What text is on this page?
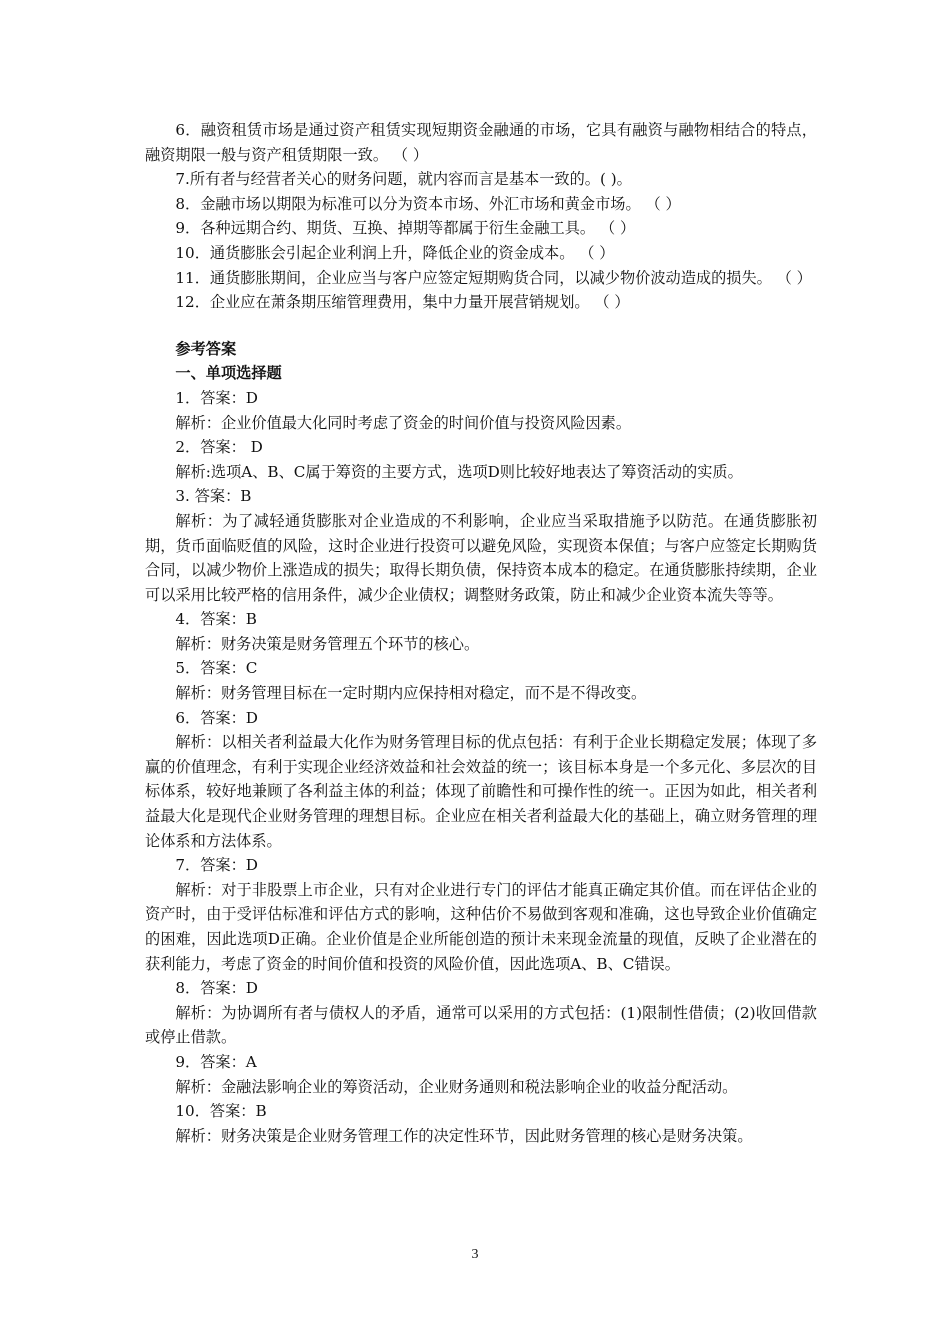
6．融资租赁市场是通过资产租赁实现短期资金融通的市场，它具有融资与融物相结合的特点，融资期限一般与资产租赁期限一致。 （ ）

7.所有者与经营者关心的财务问题，就内容而言是基本一致的。( )。

8．金融市场以期限为标准可以分为资本市场、外汇市场和黄金市场。 （ ）

9．各种远期合约、期货、互换、掉期等都属于衍生金融工具。 （ ）

10．通货膨胀会引起企业利润上升，降低企业的资金成本。 （ ）

11．通货膨胀期间，企业应当与客户应签定短期购货合同，以减少物价波动造成的损失。 （ ）

12．企业应在萧条期压缩管理费用，集中力量开展营销规划。 （ ）

参考答案

一、单项选择题

1．答案：D

解析：企业价值最大化同时考虑了资金的时间价值与投资风险因素。

2．答案： D

解析:选项A、B、C属于筹资的主要方式，选项D则比较好地表达了筹资活动的实质。

3. 答案：B

解析：为了减轻通货膨胀对企业造成的不利影响，企业应当采取措施予以防范。在通货膨胀初期，货币面临贬值的风险，这时企业进行投资可以避免风险，实现资本保值；与客户应签定长期购货合同，以减少物价上涨造成的损失；取得长期负债，保持资本成本的稳定。在通货膨胀持续期，企业可以采用比较严格的信用条件，减少企业债权；调整财务政策，防止和减少企业资本流失等等。

4．答案：B

解析：财务决策是财务管理五个环节的核心。

5．答案：C

解析：财务管理目标在一定时期内应保持相对稳定，而不是不得改变。

6．答案：D

解析：以相关者利益最大化作为财务管理目标的优点包括：有利于企业长期稳定发展；体现了多赢的价值理念，有利于实现企业经济效益和社会效益的统一；该目标本身是一个多元化、多层次的目标体系，较好地兼顾了各利益主体的利益；体现了前瞻性和可操作性的统一。正因为如此，相关者利益最大化是现代企业财务管理的理想目标。企业应在相关者利益最大化的基础上，确立财务管理的理论体系和方法体系。

7．答案：D

解析：对于非股票上市企业，只有对企业进行专门的评估才能真正确定其价值。而在评估企业的资产时，由于受评估标准和评估方式的影响，这种估价不易做到客观和准确，这也导致企业价值确定的困难，因此选项D正确。企业价值是企业所能创造的预计未来现金流量的现值，反映了企业潜在的获利能力，考虑了资金的时间价值和投资的风险价值，因此选项A、B、C错误。

8．答案：D

解析：为协调所有者与债权人的矛盾，通常可以采用的方式包括：(1)限制性借债；(2)收回借款或停止借款。

9．答案：A

解析：金融法影响企业的筹资活动，企业财务通则和税法影响企业的收益分配活动。

10．答案：B

解析：财务决策是企业财务管理工作的决定性环节，因此财务管理的核心是财务决策。

3
